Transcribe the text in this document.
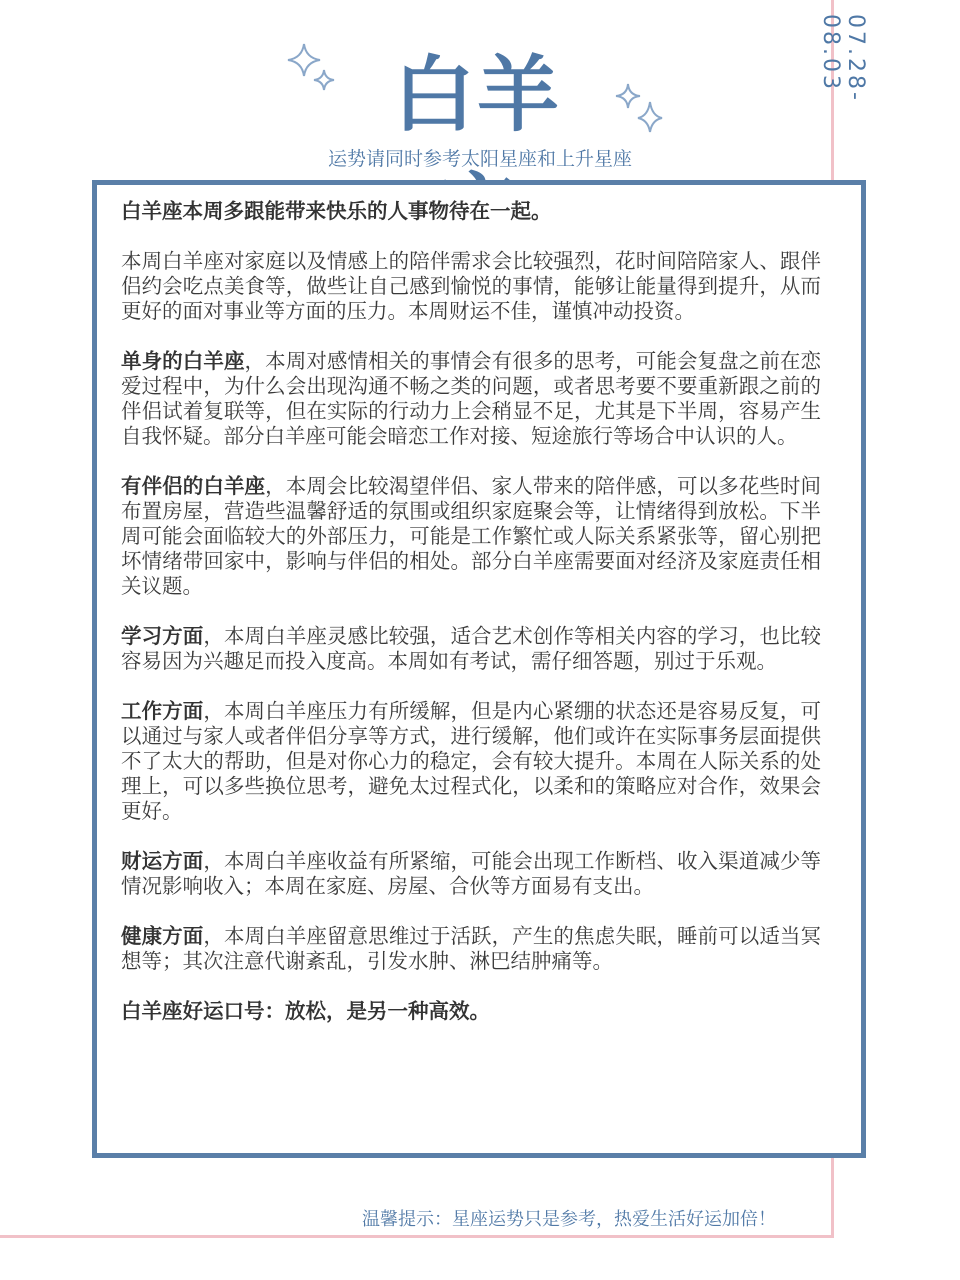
07.28-08.03
白羊
运势请同时参考太阳星座和上升星座

白羊座本周多跟能带来快乐的人事物待在一起。

本周白羊座对家庭以及情感上的陪伴需求会比较强烈，花时间陪陪家人、跟伴侣约会吃点美食等，做些让自己感到愉悦的事情，能够让能量得到提升，从而更好的面对事业等方面的压力。本周财运不佳，谨慎冲动投资。

单身的白羊座，本周对感情相关的事情会有很多的思考，可能会复盘之前在恋爱过程中，为什么会出现沟通不畅之类的问题，或者思考要不要重新跟之前的伴侣试着复联等，但在实际的行动力上会稍显不足，尤其是下半周，容易产生自我怀疑。部分白羊座可能会暗恋工作对接、短途旅行等场合中认识的人。

有伴侣的白羊座，本周会比较渴望伴侣、家人带来的陪伴感，可以多花些时间布置房屋，营造些温馨舒适的氛围或组织家庭聚会等，让情绪得到放松。下半周可能会面临较大的外部压力，可能是工作繁忙或人际关系紧张等，留心别把坏情绪带回家中，影响与伴侣的相处。部分白羊座需要面对经济及家庭责任相关议题。

学习方面，本周白羊座灵感比较强，适合艺术创作等相关内容的学习，也比较容易因为兴趣足而投入度高。本周如有考试，需仔细答题，别过于乐观。

工作方面，本周白羊座压力有所缓解，但是内心紧绷的状态还是容易反复，可以通过与家人或者伴侣分享等方式，进行缓解，他们或许在实际事务层面提供不了太大的帮助，但是对你心力的稳定，会有较大提升。本周在人际关系的处理上，可以多些换位思考，避免太过程式化，以柔和的策略应对合作，效果会更好。

财运方面，本周白羊座收益有所紧缩，可能会出现工作断档、收入渠道减少等情况影响收入；本周在家庭、房屋、合伙等方面易有支出。

健康方面，本周白羊座留意思维过于活跃，产生的焦虑失眠，睡前可以适当冥想等；其次注意代谢紊乱，引发水肿、淋巴结肿痛等。

白羊座好运口号：放松，是另一种高效。

温馨提示：星座运势只是参考，热爱生活好运加倍！
